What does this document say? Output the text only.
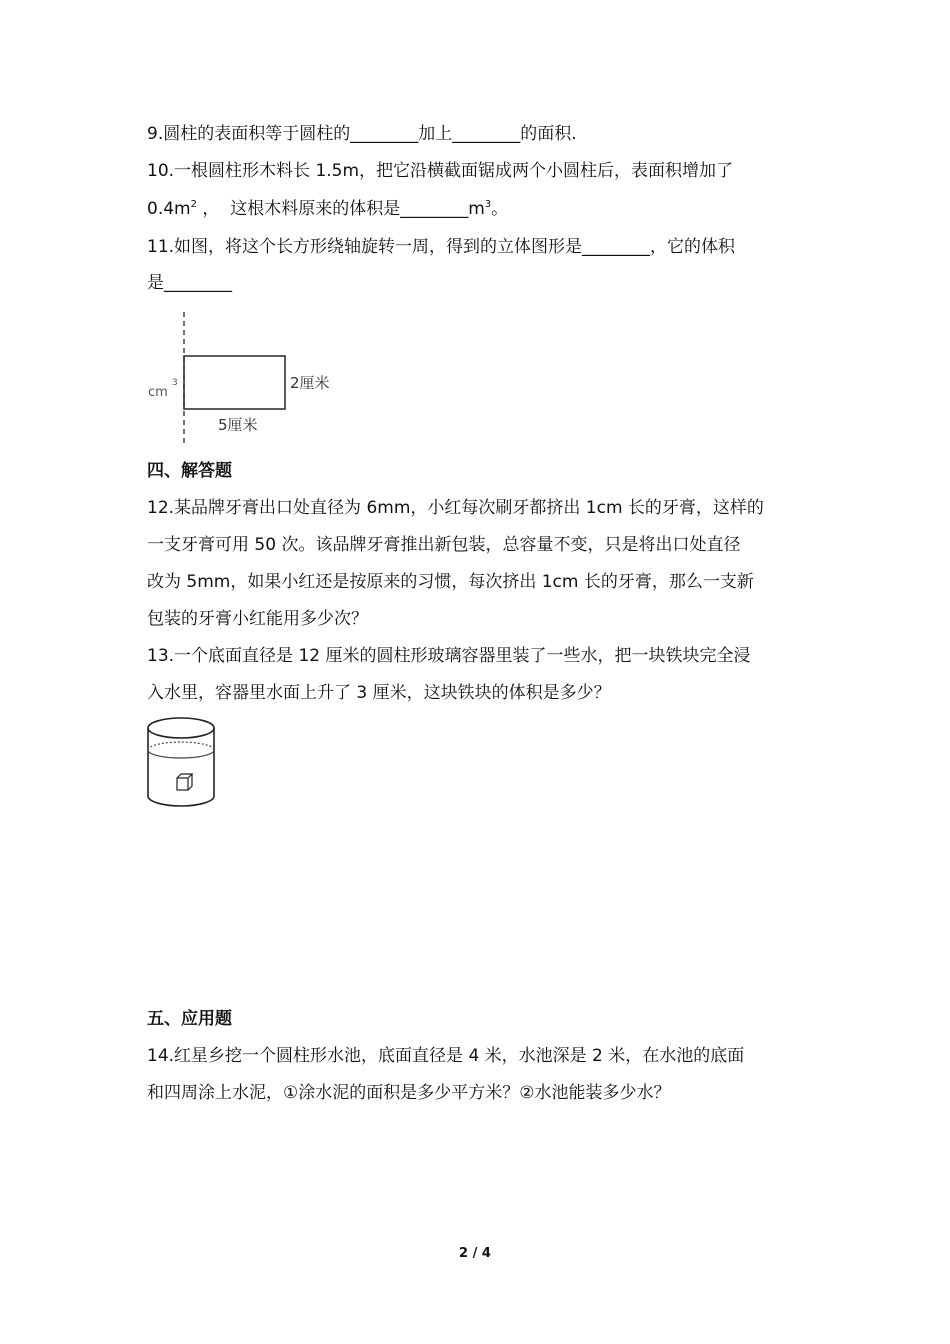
9.圆柱的表面积等于圆柱的________加上________的面积.
10.一根圆柱形木料长 1.5m，把它沿横截面锯成两个小圆柱后，表面积增加了
$0.4m^2$ ，  这根木料原来的体积是$\_\_\_\_\_\_\_\_m^3$。
11.如图，将这个长方形绕轴旋转一周，得到的立体图形是________，它的体积
是________
cm
3	2厘米
5厘米
四、解答题
12.某品牌牙膏出口处直径为 6mm，小红每次刷牙都挤出 1cm 长的牙膏，这样的
一支牙膏可用 50 次。该品牌牙膏推出新包装，总容量不变，只是将出口处直径
改为 5mm，如果小红还是按原来的习惯，每次挤出 1cm 长的牙膏，那么一支新
包装的牙膏小红能用多少次？
13.一个底面直径是 12 厘米的圆柱形玻璃容器里装了一些水，把一块铁块完全浸
入水里，容器里水面上升了 3 厘米，这块铁块的体积是多少？
五、应用题
14.红星乡挖一个圆柱形水池，底面直径是 4 米，水池深是 2 米，在水池的底面
和四周涂上水泥，①涂水泥的面积是多少平方米？②水池能装多少水？
2 / 4
